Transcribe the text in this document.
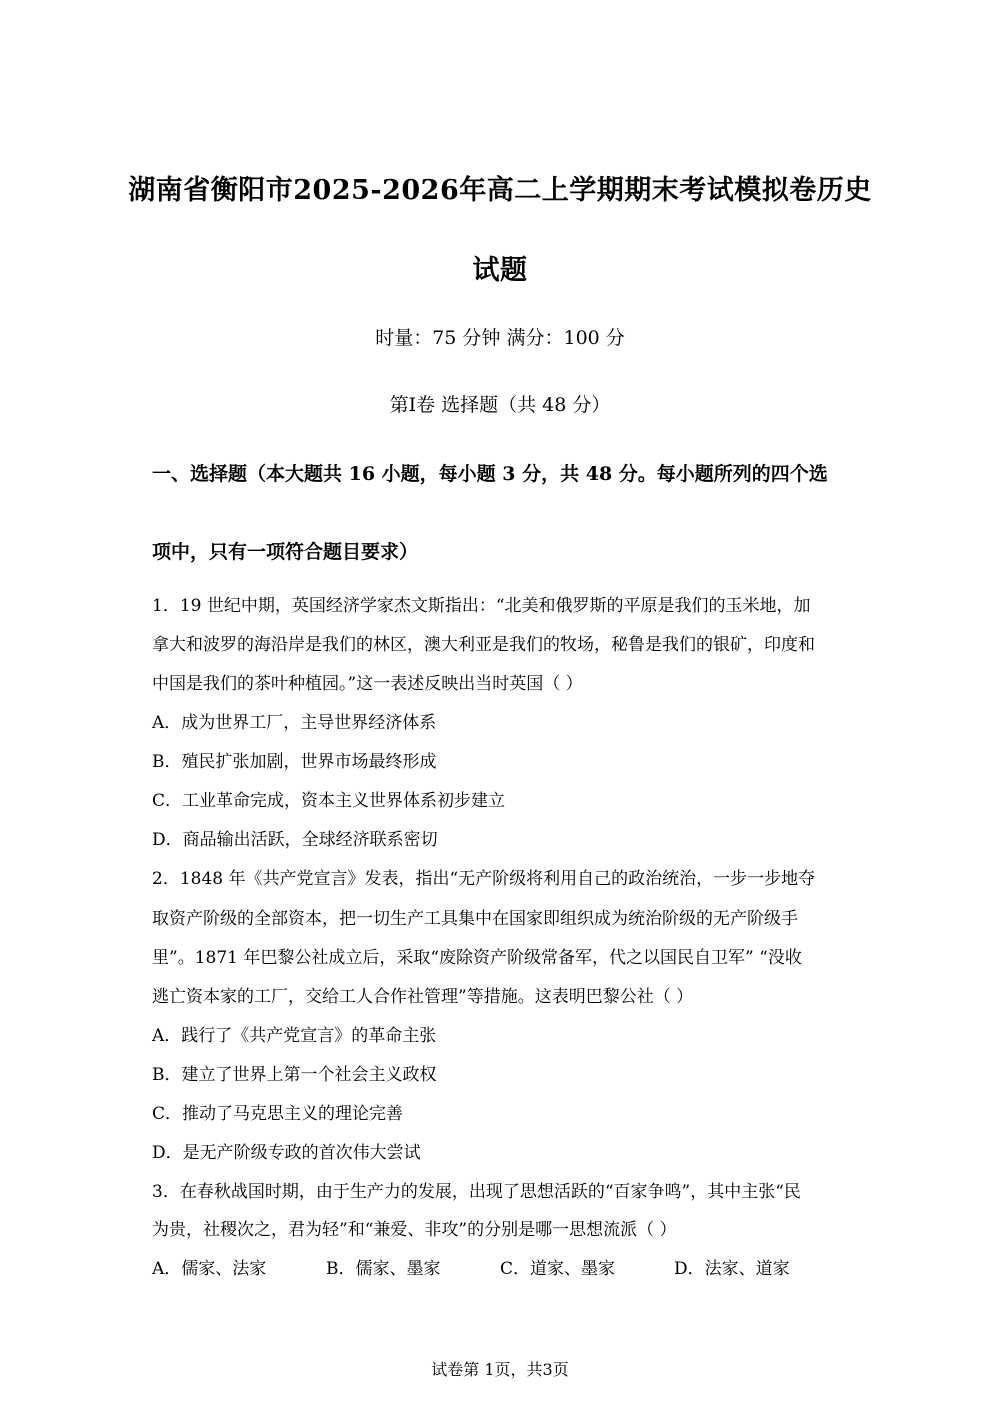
湖南省衡阳市2025-2026年高二上学期期末考试模拟卷历史
试题
时量：75 分钟 满分：100 分
第Ⅰ卷 选择题（共 48 分）
一、选择题（本大题共 16 小题，每小题 3 分，共 48 分。每小题所列的四个选
项中，只有一项符合题目要求）
1．19 世纪中期，英国经济学家杰文斯指出：“北美和俄罗斯的平原是我们的玉米地，加
拿大和波罗的海沿岸是我们的林区，澳大利亚是我们的牧场，秘鲁是我们的银矿，印度和
中国是我们的茶叶种植园。”这一表述反映出当时英国（ ）
A．成为世界工厂，主导世界经济体系
B．殖民扩张加剧，世界市场最终形成
C．工业革命完成，资本主义世界体系初步建立
D．商品输出活跃，全球经济联系密切
2．1848 年《共产党宣言》发表，指出“无产阶级将利用自己的政治统治，一步一步地夺
取资产阶级的全部资本，把一切生产工具集中在国家即组织成为统治阶级的无产阶级手
里”。1871 年巴黎公社成立后，采取“废除资产阶级常备军，代之以国民自卫军” “没收
逃亡资本家的工厂，交给工人合作社管理”等措施。这表明巴黎公社（ ）
A．践行了《共产党宣言》的革命主张
B．建立了世界上第一个社会主义政权
C．推动了马克思主义的理论完善
D．是无产阶级专政的首次伟大尝试
3．在春秋战国时期，由于生产力的发展，出现了思想活跃的“百家争鸣”，其中主张“民
为贵，社稷次之，君为轻”和“兼爱、非攻”的分别是哪一思想流派（ ）
A．儒家、法家	B．儒家、墨家	C．道家、墨家	D．法家、道家
试卷第 1页，共3页
